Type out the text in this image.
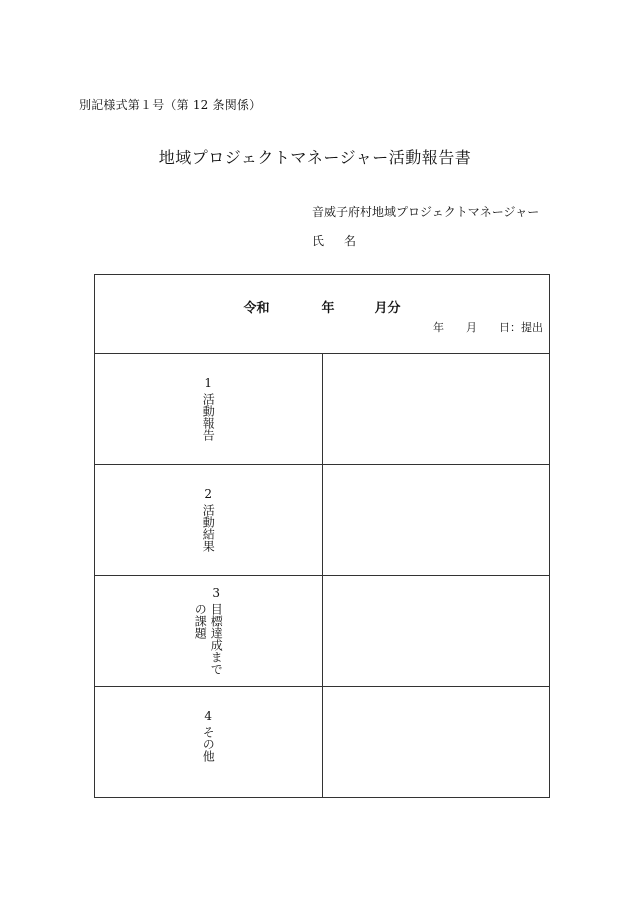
別記様式第１号（第 12 条関係）
地域プロジェクトマネージャー活動報告書
音威子府村地域プロジェクトマネージャー
氏 名
令和 年 月分
年 月 日：提出	

1
活動報告	

2
活動結果	

3
目標達成まで
の課題	

4
その他	
